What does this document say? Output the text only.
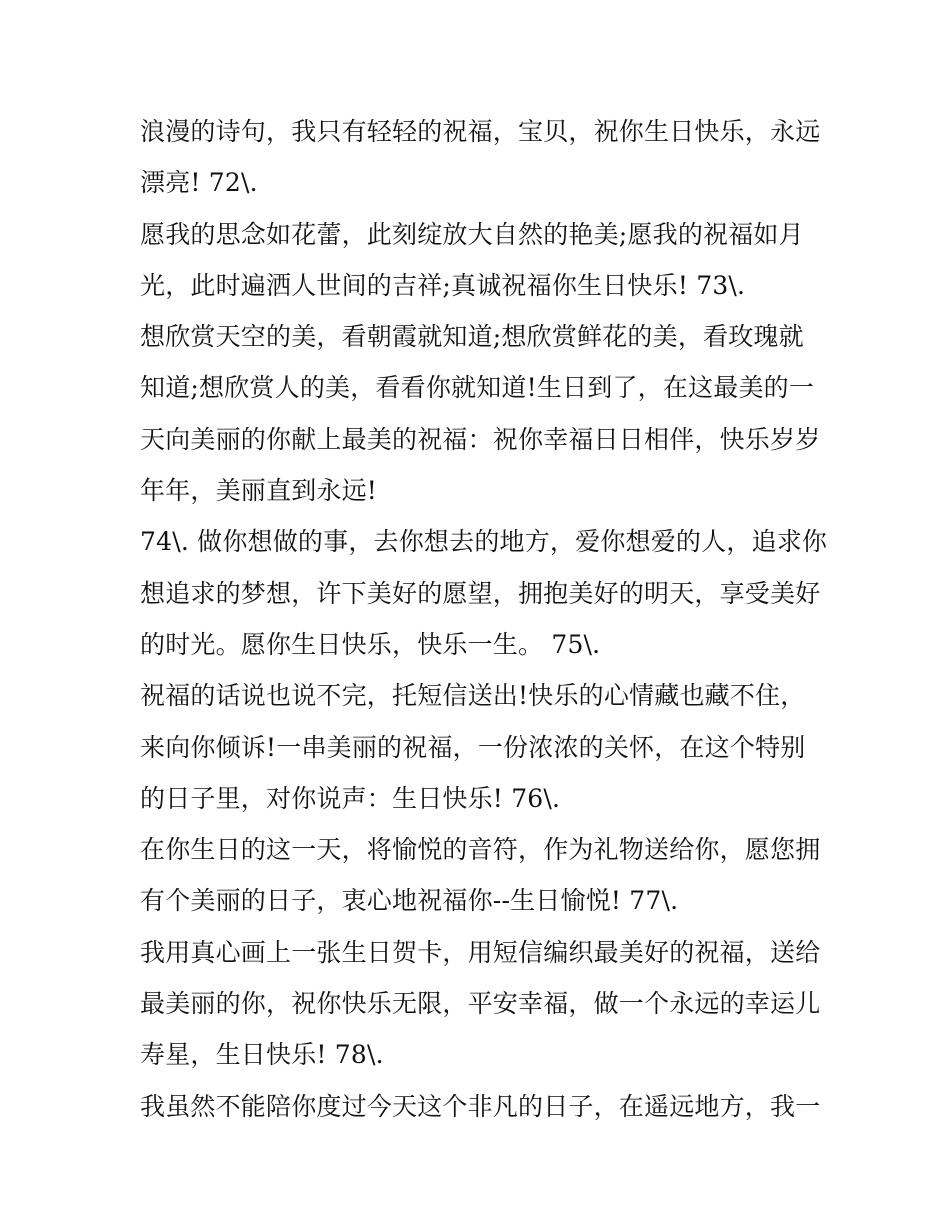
浪漫的诗句，我只有轻轻的祝福，宝贝，祝你生日快乐，永远
漂亮! 72\.
愿我的思念如花蕾，此刻绽放大自然的艳美;愿我的祝福如月
光，此时遍洒人世间的吉祥;真诚祝福你生日快乐! 73\.
想欣赏天空的美，看朝霞就知道;想欣赏鲜花的美，看玫瑰就
知道;想欣赏人的美，看看你就知道!生日到了，在这最美的一
天向美丽的你献上最美的祝福：祝你幸福日日相伴，快乐岁岁
年年，美丽直到永远!
74\. 做你想做的事，去你想去的地方，爱你想爱的人，追求你
想追求的梦想，许下美好的愿望，拥抱美好的明天，享受美好
的时光。愿你生日快乐，快乐一生。 75\.
祝福的话说也说不完，托短信送出!快乐的心情藏也藏不住，
来向你倾诉!一串美丽的祝福，一份浓浓的关怀，在这个特别
的日子里，对你说声：生日快乐! 76\.
在你生日的这一天，将愉悦的音符，作为礼物送给你，愿您拥
有个美丽的日子，衷心地祝福你--生日愉悦! 77\.
我用真心画上一张生日贺卡，用短信编织最美好的祝福，送给
最美丽的你，祝你快乐无限，平安幸福，做一个永远的幸运儿
寿星，生日快乐! 78\.
我虽然不能陪你度过今天这个非凡的日子，在遥远地方，我一
